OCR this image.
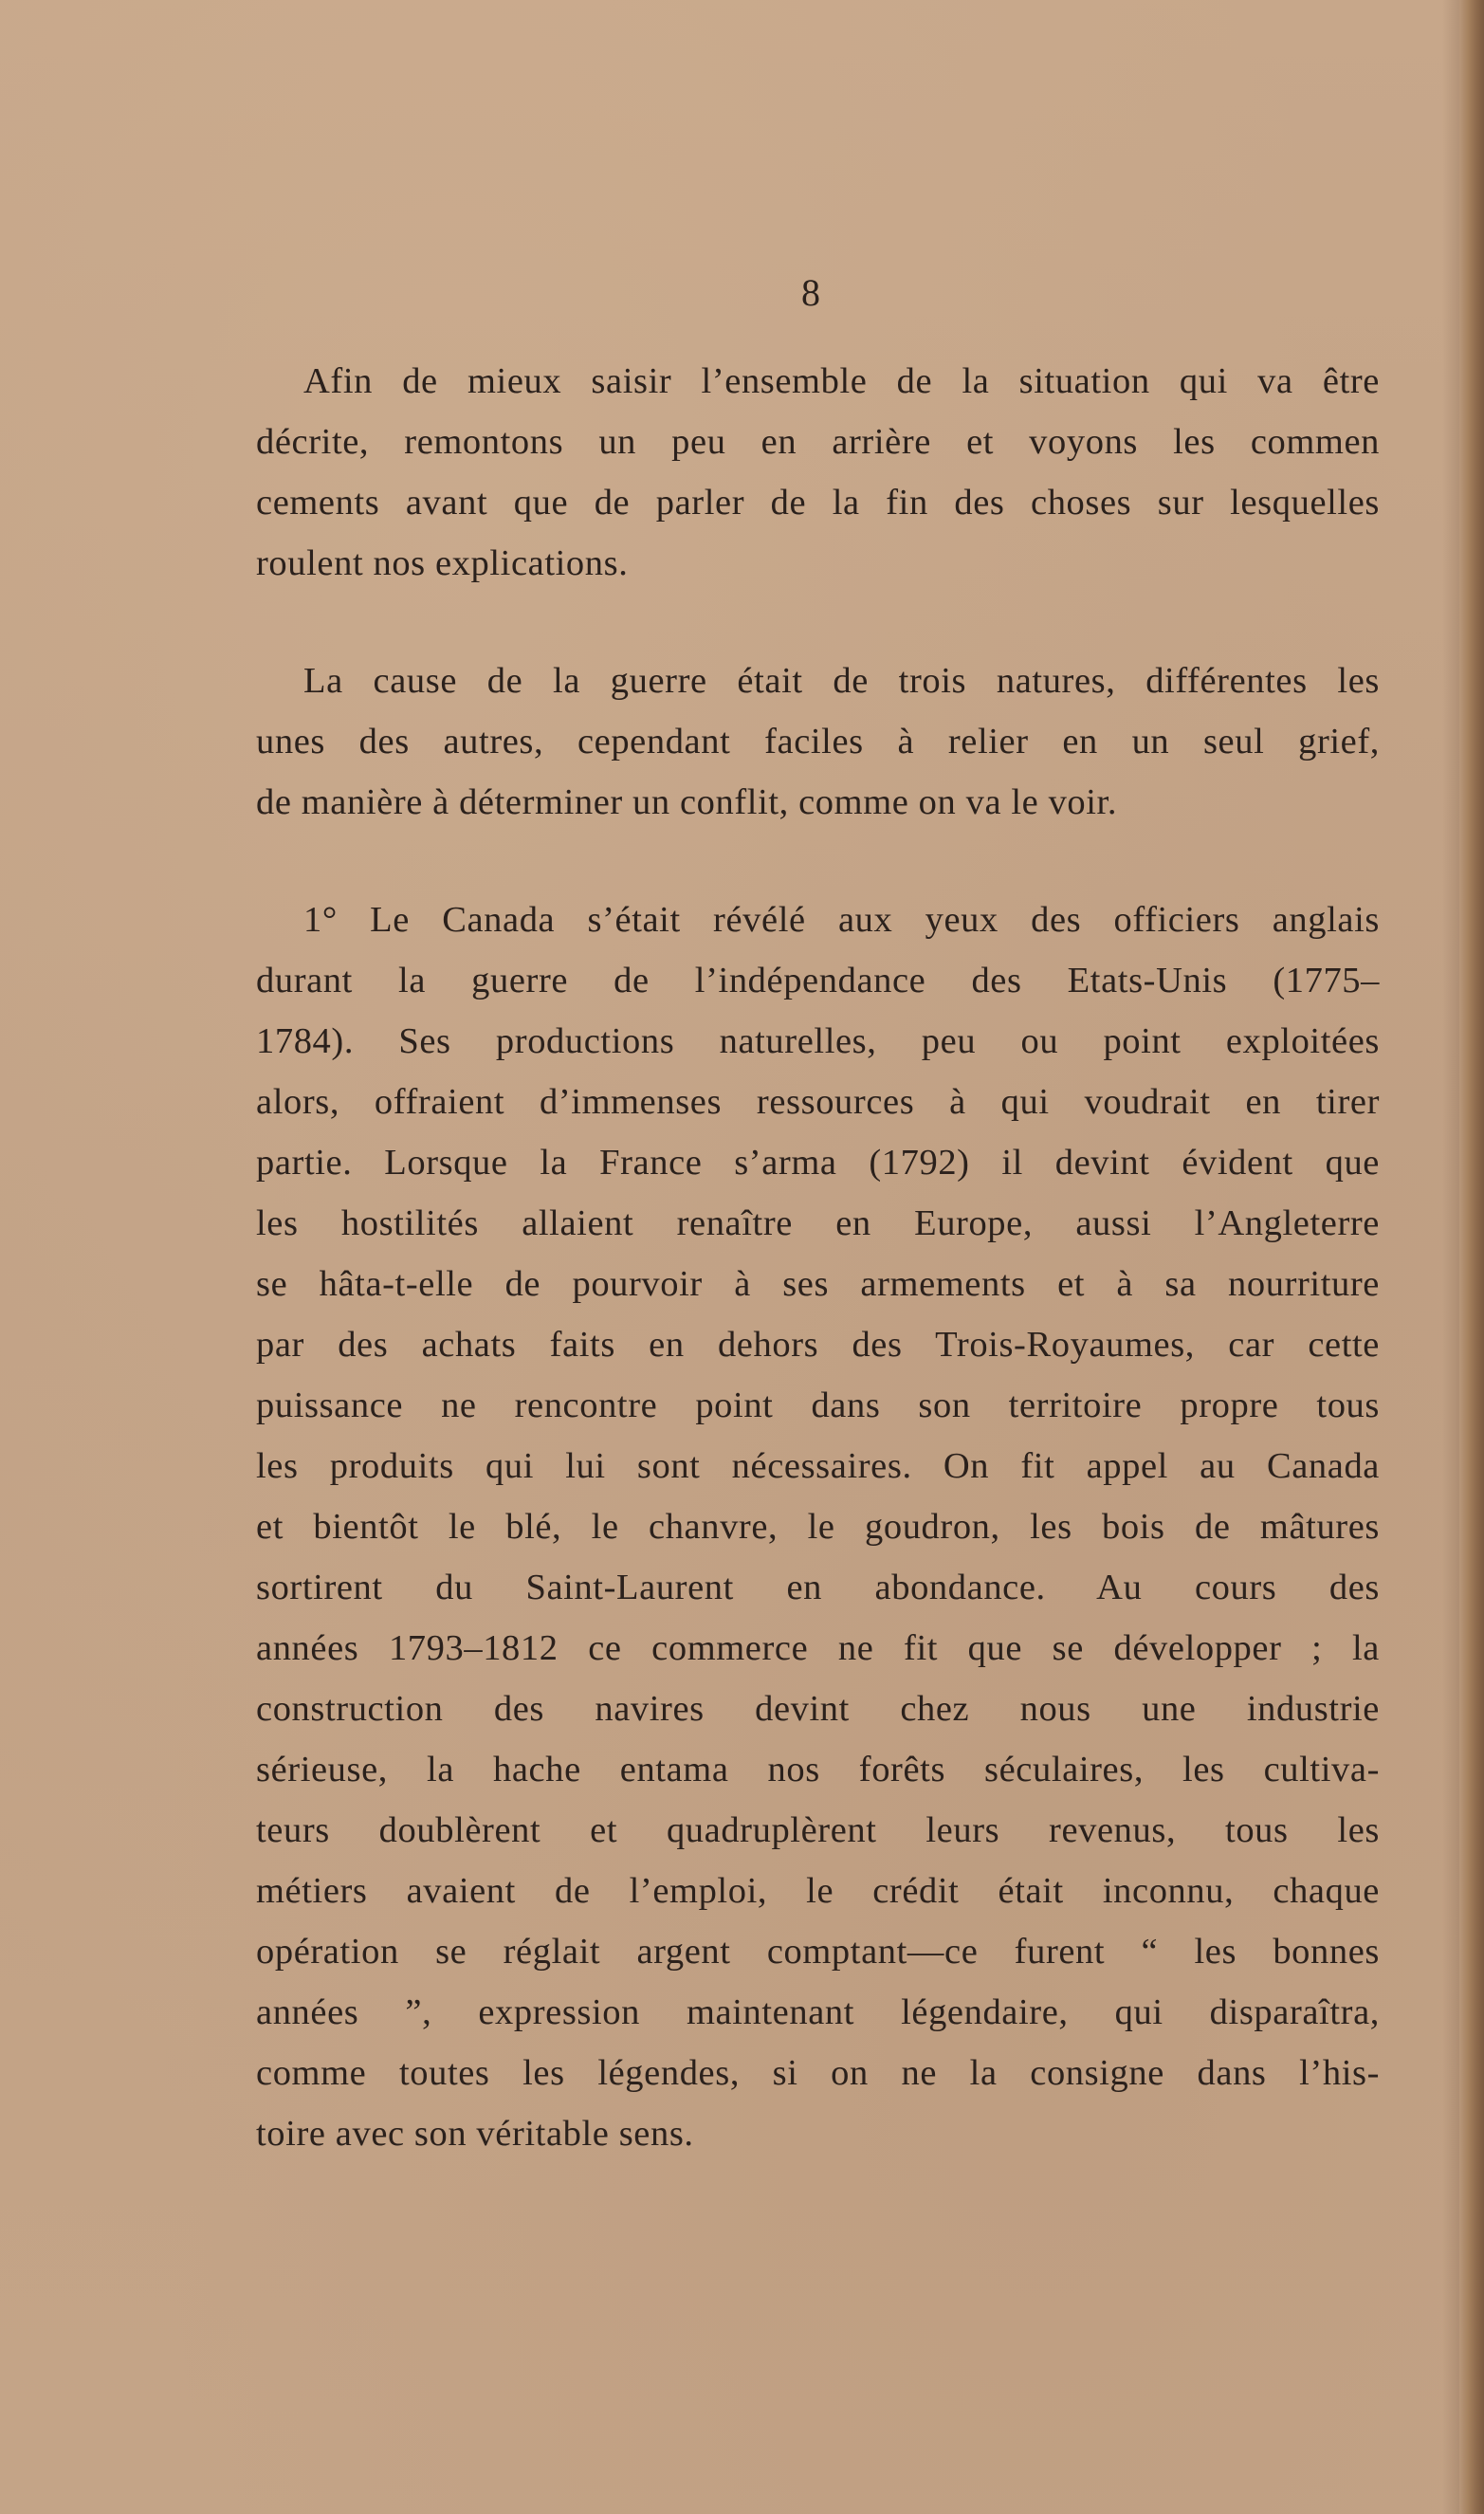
8

Afin de mieux saisir l’ensemble de la situation qui va être
décrite, remontons un peu en arrière et voyons les commen
cements avant que de parler de la fin des choses sur lesquelles
roulent nos explications.

La cause de la guerre était de trois natures, différentes les
unes des autres, cependant faciles à relier en un seul grief,
de manière à déterminer un conflit, comme on va le voir.

1° Le Canada s’était révélé aux yeux des officiers anglais
durant la guerre de l’indépendance des Etats-Unis (1775–
1784). Ses productions naturelles, peu ou point exploitées
alors, offraient d’immenses ressources à qui voudrait en tirer
partie. Lorsque la France s’arma (1792) il devint évident que
les hostilités allaient renaître en Europe, aussi l’Angleterre
se hâta-t-elle de pourvoir à ses armements et à sa nourriture
par des achats faits en dehors des Trois-Royaumes, car cette
puissance ne rencontre point dans son territoire propre tous
les produits qui lui sont nécessaires. On fit appel au Canada
et bientôt le blé, le chanvre, le goudron, les bois de mâtures
sortirent du Saint-Laurent en abondance. Au cours des
années 1793–1812 ce commerce ne fit que se développer ; la
construction des navires devint chez nous une industrie
sérieuse, la hache entama nos forêts séculaires, les cultiva-
teurs doublèrent et quadruplèrent leurs revenus, tous les
métiers avaient de l’emploi, le crédit était inconnu, chaque
opération se réglait argent comptant—ce furent “ les bonnes
années ”, expression maintenant légendaire, qui disparaîtra,
comme toutes les légendes, si on ne la consigne dans l’his-
toire avec son véritable sens.
